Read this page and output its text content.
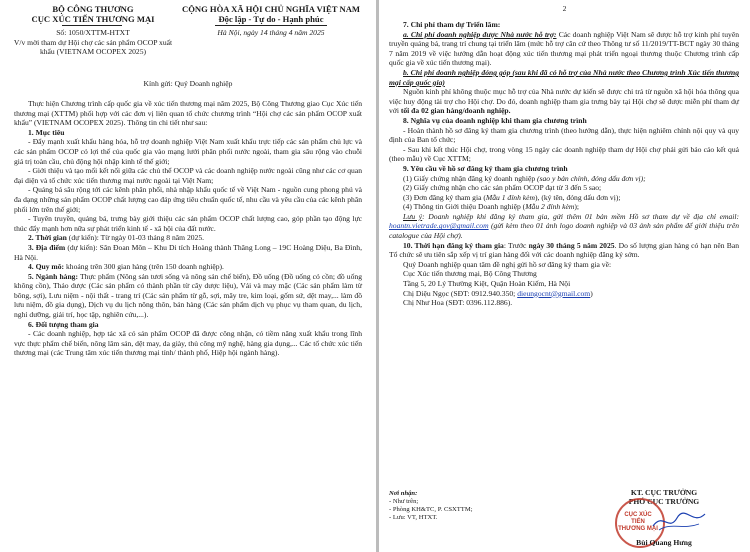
BỘ CÔNG THƯƠNG
CỤC XÚC TIẾN THƯƠNG MẠI
Số: 1050/XTTM-HTXT
V/v mời tham dự Hội chợ các sản phẩm OCOP xuất khẩu (VIETNAM OCOPEX 2025)
CỘNG HÒA XÃ HỘI CHỦ NGHĨA VIỆT NAM
Độc lập - Tự do - Hạnh phúc
Hà Nội, ngày 14 tháng 4 năm 2025
Kính gửi: Quý Doanh nghiệp

Thực hiện Chương trình cấp quốc gia về xúc tiến thương mại năm 2025, Bộ Công Thương giao Cục Xúc tiến thương mại (XTTM) phối hợp với các đơn vị liên quan tổ chức chương trình “Hội chợ các sản phẩm OCOP xuất khẩu” (VIETNAM OCOPEX 2025). Thông tin chi tiết như sau:

1. Mục tiêu

- Đẩy mạnh xuất khẩu hàng hóa, hỗ trợ doanh nghiệp Việt Nam xuất khẩu trực tiếp các sản phẩm chủ lực và các sản phẩm OCOP có lợi thế của quốc gia vào mạng lưới phân phối nước ngoài, tham gia sâu rộng vào chuỗi giá trị toàn cầu, chủ động hội nhập kinh tế thế giới;

- Giới thiệu và tạo mối kết nối giữa các chủ thể OCOP và các doanh nghiệp nước ngoài cũng như các cơ quan đại diện và tổ chức xúc tiến thương mại nước ngoài tại Việt Nam;

- Quảng bá sâu rộng tới các kênh phân phối, nhà nhập khẩu quốc tế về Việt Nam - nguồn cung phong phú và đa dạng những sản phẩm OCOP chất lượng cao đáp ứng tiêu chuẩn quốc tế, nhu cầu và yêu cầu của các kênh phân phối lớn trên thế giới;

- Tuyên truyền, quảng bá, trưng bày giới thiệu các sản phẩm OCOP chất lượng cao, góp phần tạo động lực thúc đẩy mạnh hơn nữa sự phát triển kinh tế - xã hội của đất nước.

2. Thời gian (dự kiến): Từ ngày 01-03 tháng 8 năm 2025.

3. Địa điểm (dự kiến): Sân Đoan Môn – Khu Di tích Hoàng thành Thăng Long – 19C Hoàng Diệu, Ba Đình, Hà Nội.

4. Quy mô: khoảng trên 300 gian hàng (trên 150 doanh nghiệp).

5. Ngành hàng: Thực phẩm (Nông sản tươi sống và nông sản chế biến), Đồ uống (Đồ uống có cồn; đồ uống không cồn), Thảo dược (Các sản phẩm có thành phần từ cây dược liệu), Vải và may mặc (Các sản phẩm làm từ bông, sợi), Lưu niệm - nội thất - trang trí (Các sản phẩm từ gỗ, sợi, mây tre, kim loại, gốm sứ, dệt may,... làm đồ lưu niệm, đồ gia dụng), Dịch vụ du lịch nông thôn, bán hàng (Các sản phẩm dịch vụ phục vụ tham quan, du lịch, nghỉ dưỡng, giải trí, học tập, nghiên cứu,...).

6. Đối tượng tham gia

- Các doanh nghiệp, hợp tác xã có sản phẩm OCOP đã được công nhận, có tiềm năng xuất khẩu trong lĩnh vực thực phẩm chế biến, nông lâm sản, dệt may, da giày, thủ công mỹ nghệ, hàng gia dụng,... Các tổ chức xúc tiến thương mại (các Trung tâm xúc tiến thương mại tỉnh/ thành phố, Hiệp hội ngành hàng).

2

7. Chi phí tham dự Triển lãm:

a. Chi phí doanh nghiệp được Nhà nước hỗ trợ: Các doanh nghiệp Việt Nam sẽ được hỗ trợ kinh phí tuyên truyền quảng bá, trang trí chung tại triển lãm (mức hỗ trợ căn cứ theo Thông tư số 11/2019/TT-BCT ngày 30 tháng 7 năm 2019 về việc hướng dẫn hoạt động xúc tiến thương mại phát triển ngoại thương thuộc Chương trình cấp quốc gia về xúc tiến thương mại).

b. Chi phí doanh nghiệp đóng góp (sau khi đã có hỗ trợ của Nhà nước theo Chương trình Xúc tiến thương mại cấp quốc gia)

Nguồn kinh phí không thuộc mục hỗ trợ của Nhà nước dự kiến sẽ được chi trả từ nguồn xã hội hóa thông qua việc huy động tài trợ cho Hội chợ. Do đó, doanh nghiệp tham gia trưng bày tại Hội chợ sẽ được miễn phí tham dự với tối đa 02 gian hàng/doanh nghiệp.

8. Nghĩa vụ của doanh nghiệp khi tham gia chương trình

- Hoàn thành hồ sơ đăng ký tham gia chương trình (theo hướng dẫn), thực hiện nghiêm chỉnh nội quy và quy định của Ban tổ chức;

- Sau khi kết thúc Hội chợ, trong vòng 15 ngày các doanh nghiệp tham dự Hội chợ phải gửi báo cáo kết quả (theo mẫu) về Cục XTTM;

9. Yêu cầu về hồ sơ đăng ký tham gia chương trình

(1) Giấy chứng nhận đăng ký doanh nghiệp (sao y bản chính, đóng dấu đơn vị);

(2) Giấy chứng nhận cho các sản phẩm OCOP đạt từ 3 đến 5 sao;

(3) Đơn đăng ký tham gia (Mẫu 1 đính kèm), (ký tên, đóng dấu đơn vị);

(4) Thông tin Giới thiệu Doanh nghiệp (Mẫu 2 đính kèm);

Lưu ý: Doanh nghiệp khi đăng ký tham gia, gửi thêm 01 bản mềm Hồ sơ tham dự về địa chỉ email: hoantn.vietrade.gov@gmail.com (gửi kèm theo 01 ảnh logo doanh nghiệp và 03 ảnh sản phẩm để giới thiệu trên catalogue của Hội chợ).

10. Thời hạn đăng ký tham gia: Trước ngày 30 tháng 5 năm 2025. Do số lượng gian hàng có hạn nên Ban Tổ chức sẽ ưu tiên sắp xếp vị trí gian hàng đối với các doanh nghiệp đăng ký sớm.

Quý Doanh nghiệp quan tâm đề nghị gửi hồ sơ đăng ký tham gia về:

Cục Xúc tiến thương mại, Bộ Công Thương

Tầng 5, 20 Lý Thường Kiệt, Quận Hoàn Kiếm, Hà Nội

Chị Diệu Ngọc (SĐT: 0912.940.350; dieungocnt@gmail.com)

Chị Như Hoa (SĐT: 0396.112.886).

Nơi nhận:

- Như trên;

- Phòng KH&TC, P. CSXTTM;

- Lưu: VT, HTXT.

KT. CỤC TRƯỞNG
PHÓ CỤC TRƯỞNG
CỤC XÚC TIẾN THƯƠNG MẠI
Bùi Quang Hưng
